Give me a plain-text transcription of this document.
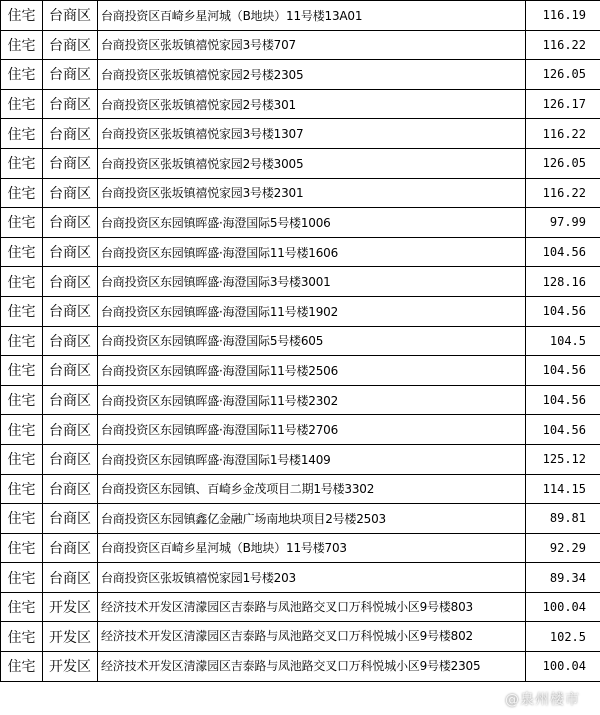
住宅	台商区	台商投资区百崎乡星河城（B地块）11号楼13A01	116.19
住宅	台商区	台商投资区张坂镇禧悦家园3号楼707	116.22
住宅	台商区	台商投资区张坂镇禧悦家园2号楼2305	126.05
住宅	台商区	台商投资区张坂镇禧悦家园2号楼301	126.17
住宅	台商区	台商投资区张坂镇禧悦家园3号楼1307	116.22
住宅	台商区	台商投资区张坂镇禧悦家园2号楼3005	126.05
住宅	台商区	台商投资区张坂镇禧悦家园3号楼2301	116.22
住宅	台商区	台商投资区东园镇晖盛·海澄国际5号楼1006	97.99
住宅	台商区	台商投资区东园镇晖盛·海澄国际11号楼1606	104.56
住宅	台商区	台商投资区东园镇晖盛·海澄国际3号楼3001	128.16
住宅	台商区	台商投资区东园镇晖盛·海澄国际11号楼1902	104.56
住宅	台商区	台商投资区东园镇晖盛·海澄国际5号楼605	104.5
住宅	台商区	台商投资区东园镇晖盛·海澄国际11号楼2506	104.56
住宅	台商区	台商投资区东园镇晖盛·海澄国际11号楼2302	104.56
住宅	台商区	台商投资区东园镇晖盛·海澄国际11号楼2706	104.56
住宅	台商区	台商投资区东园镇晖盛·海澄国际1号楼1409	125.12
住宅	台商区	台商投资区东园镇、百崎乡金茂项目二期1号楼3302	114.15
住宅	台商区	台商投资区东园镇鑫亿金融广场南地块项目2号楼2503	89.81
住宅	台商区	台商投资区百崎乡星河城（B地块）11号楼703	92.29
住宅	台商区	台商投资区张坂镇禧悦家园1号楼203	89.34
住宅	开发区	经济技术开发区清濛园区吉泰路与凤池路交叉口万科悦城小区9号楼803	100.04
住宅	开发区	经济技术开发区清濛园区吉泰路与凤池路交叉口万科悦城小区9号楼802	102.5
住宅	开发区	经济技术开发区清濛园区吉泰路与凤池路交叉口万科悦城小区9号楼2305	100.04
@泉州楼市
